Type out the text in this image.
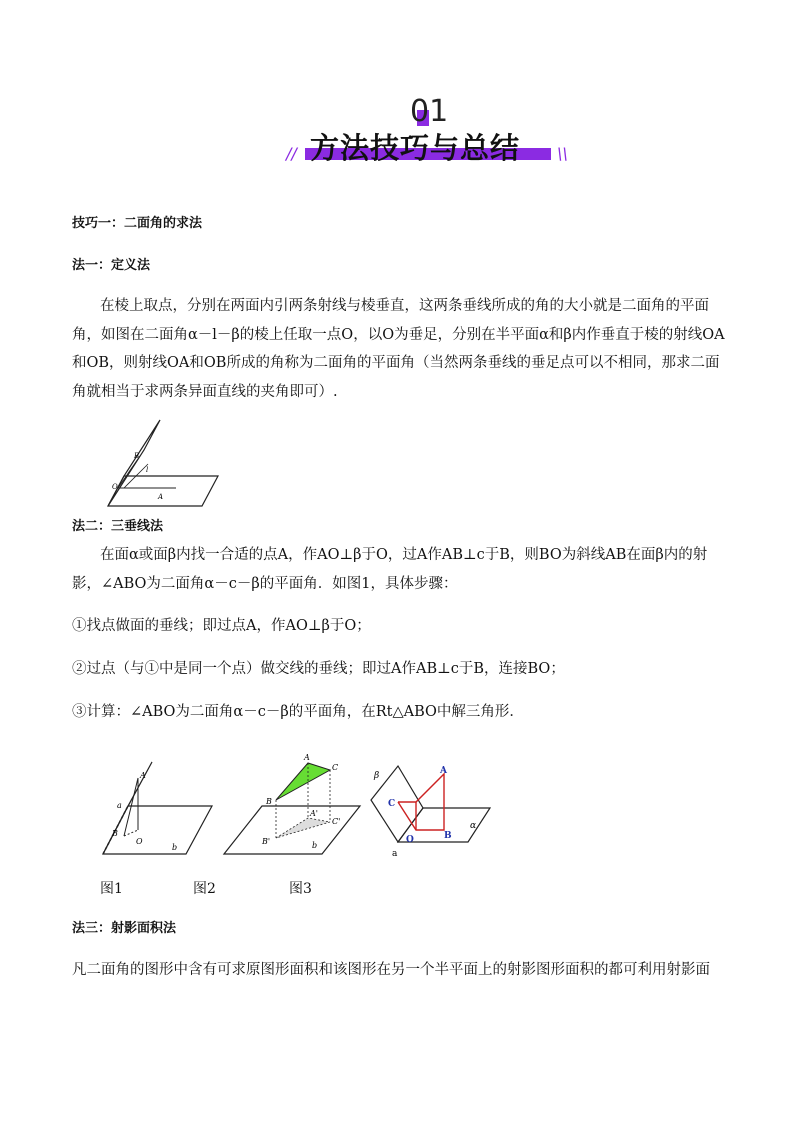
01
方法技巧与总结
//	\\
技巧一：二面角的求法
法一：定义法
在棱上取点，分别在两面内引两条射线与棱垂直，这两条垂线所成的角的大小就是二面角的平面角，如图在二面角α－l－β的棱上任取一点O，以O为垂足，分别在半平面α和β内作垂直于棱的射线OA和OB，则射线OA和OB所成的角称为二面角的平面角（当然两条垂线的垂足点可以不相同，那求二面角就相当于求两条异面直线的夹角即可）.
B
l
O
A
法二：三垂线法
在面α或面β内找一合适的点A，作AO⊥β于O，过A作AB⊥c于B，则BO为斜线AB在面β内的射影，∠ABO为二面角α－c－β的平面角．如图1，具体步骤：
①找点做面的垂线；即过点A，作AO⊥β于O；
②过点（与①中是同一个点）做交线的垂线；即过A作AB⊥c于B，连接BO；
③计算：∠ABO为二面角α－c－β的平面角，在Rt△ABO中解三角形．
A
a
B
O
b
A
C
B
A'
C'
B'	b
β	A
C
O	B
α
a
图1	图2	图3
法三：射影面积法
凡二面角的图形中含有可求原图形面积和该图形在另一个半平面上的射影图形面积的都可利用射影面
